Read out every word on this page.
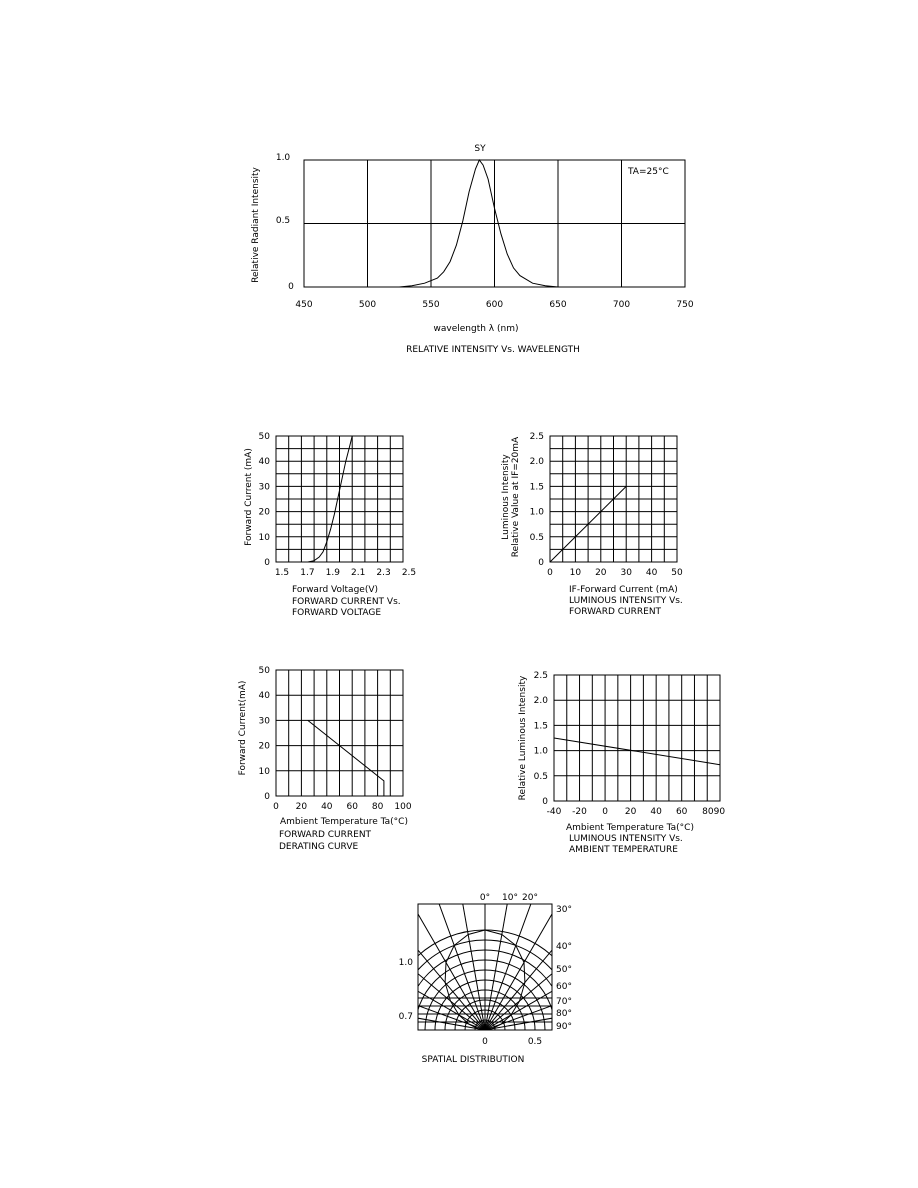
SY
TA=25°C
Relative Radiant Intensity
1.0
0.5
0
450	500	550	600	650	700	750
wavelength λ (nm)
RELATIVE INTENSITY Vs. WAVELENGTH
Forward Current (mA)
0
10
20
30
40
50
1.5 1.7 1.9 2.1 2.3 2.5
Forward Voltage(V)
FORWARD CURRENT Vs.
FORWARD VOLTAGE
Luminous Intensity Relative Value at IF=20mA
0
0.5
1.0
1.5
2.0
2.5
0 10 20 30 40 50
IF-Forward Current (mA)
LUMINOUS INTENSITY Vs.
FORWARD CURRENT
Forward Current(mA)
0
10
20
30
40
50
0 20 40 60 80 100
Ambient Temperature Ta(°C)
FORWARD CURRENT
DERATING CURVE
Relative Luminous Intensity
0
0.5
1.0
1.5
2.0
2.5
-40 -20 0 20 40 60 8090
Ambient Temperature Ta(°C)
LUMINOUS INTENSITY Vs.
AMBIENT TEMPERATURE
0° 10° 20°
30°
40°
50°
60°
70°
80°
90°
1.0
0.7
0	0.5
SPATIAL DISTRIBUTION
